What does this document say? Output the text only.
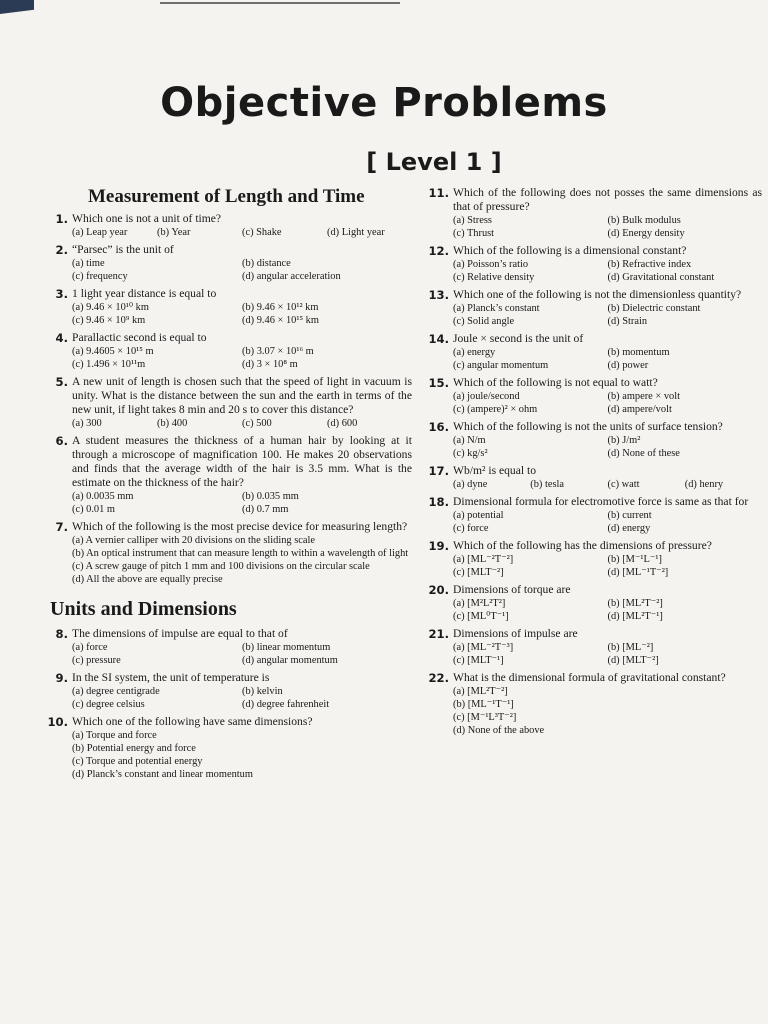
Objective Problems
[ Level 1 ]
Measurement of Length and Time
1. Which one is not a unit of time?
(a) Leap year	(b) Year	(c) Shake	(d) Light year
2. “Parsec” is the unit of
(a) time	(b) distance
(c) frequency	(d) angular acceleration
3. 1 light year distance is equal to
(a) 9.46 × 10¹⁰ km	(b) 9.46 × 10¹² km
(c) 9.46 × 10⁹ km	(d) 9.46 × 10¹⁵ km
4. Parallactic second is equal to
(a) 9.4605 × 10¹⁵ m	(b) 3.07 × 10¹⁶ m
(c) 1.496 × 10¹¹m	(d) 3 × 10⁸ m
5. A new unit of length is chosen such that the speed of light in vacuum is unity. What is the distance between the sun and the earth in terms of the new unit, if light takes 8 min and 20 s to cover this distance?
(a) 300	(b) 400	(c) 500	(d) 600
6. A student measures the thickness of a human hair by looking at it through a microscope of magnification 100. He makes 20 observations and finds that the average width of the hair is 3.5 mm. What is the estimate on the thickness of the hair?
(a) 0.0035 mm	(b) 0.035 mm
(c) 0.01 m	(d) 0.7 mm
7. Which of the following is the most precise device for measuring length?
(a) A vernier calliper with 20 divisions on the sliding scale
(b) An optical instrument that can measure length to within a wavelength of light
(c) A screw gauge of pitch 1 mm and 100 divisions on the circular scale
(d) All the above are equally precise
Units and Dimensions
8. The dimensions of impulse are equal to that of
(a) force	(b) linear momentum
(c) pressure	(d) angular momentum
9. In the SI system, the unit of temperature is
(a) degree centigrade	(b) kelvin
(c) degree celsius	(d) degree fahrenheit
10. Which one of the following have same dimensions?
(a) Torque and force
(b) Potential energy and force
(c) Torque and potential energy
(d) Planck’s constant and linear momentum
11. Which of the following does not posses the same dimensions as that of pressure?
(a) Stress	(b) Bulk modulus
(c) Thrust	(d) Energy density
12. Which of the following is a dimensional constant?
(a) Poisson’s ratio	(b) Refractive index
(c) Relative density	(d) Gravitational constant
13. Which one of the following is not the dimensionless quantity?
(a) Planck’s constant	(b) Dielectric constant
(c) Solid angle	(d) Strain
14. Joule × second is the unit of
(a) energy	(b) momentum
(c) angular momentum	(d) power
15. Which of the following is not equal to watt?
(a) joule/second	(b) ampere × volt
(c) (ampere)² × ohm	(d) ampere/volt
16. Which of the following is not the units of surface tension?
(a) N/m	(b) J/m²
(c) kg/s²	(d) None of these
17. Wb/m² is equal to
(a) dyne	(b) tesla	(c) watt	(d) henry
18. Dimensional formula for electromotive force is same as that for
(a) potential	(b) current
(c) force	(d) energy
19. Which of the following has the dimensions of pressure?
(a) [ML⁻²T⁻²]	(b) [M⁻¹L⁻¹]
(c) [MLT⁻²]	(d) [ML⁻¹T⁻²]
20. Dimensions of torque are
(a) [M²L²T²]	(b) [ML²T⁻²]
(c) [ML⁰T⁻¹]	(d) [ML²T⁻¹]
21. Dimensions of impulse are
(a) [ML⁻²T⁻³]	(b) [ML⁻²]
(c) [MLT⁻¹]	(d) [MLT⁻²]
22. What is the dimensional formula of gravitational constant?
(a) [ML²T⁻²]
(b) [ML⁻¹T⁻¹]
(c) [M⁻¹L³T⁻²]
(d) None of the above
